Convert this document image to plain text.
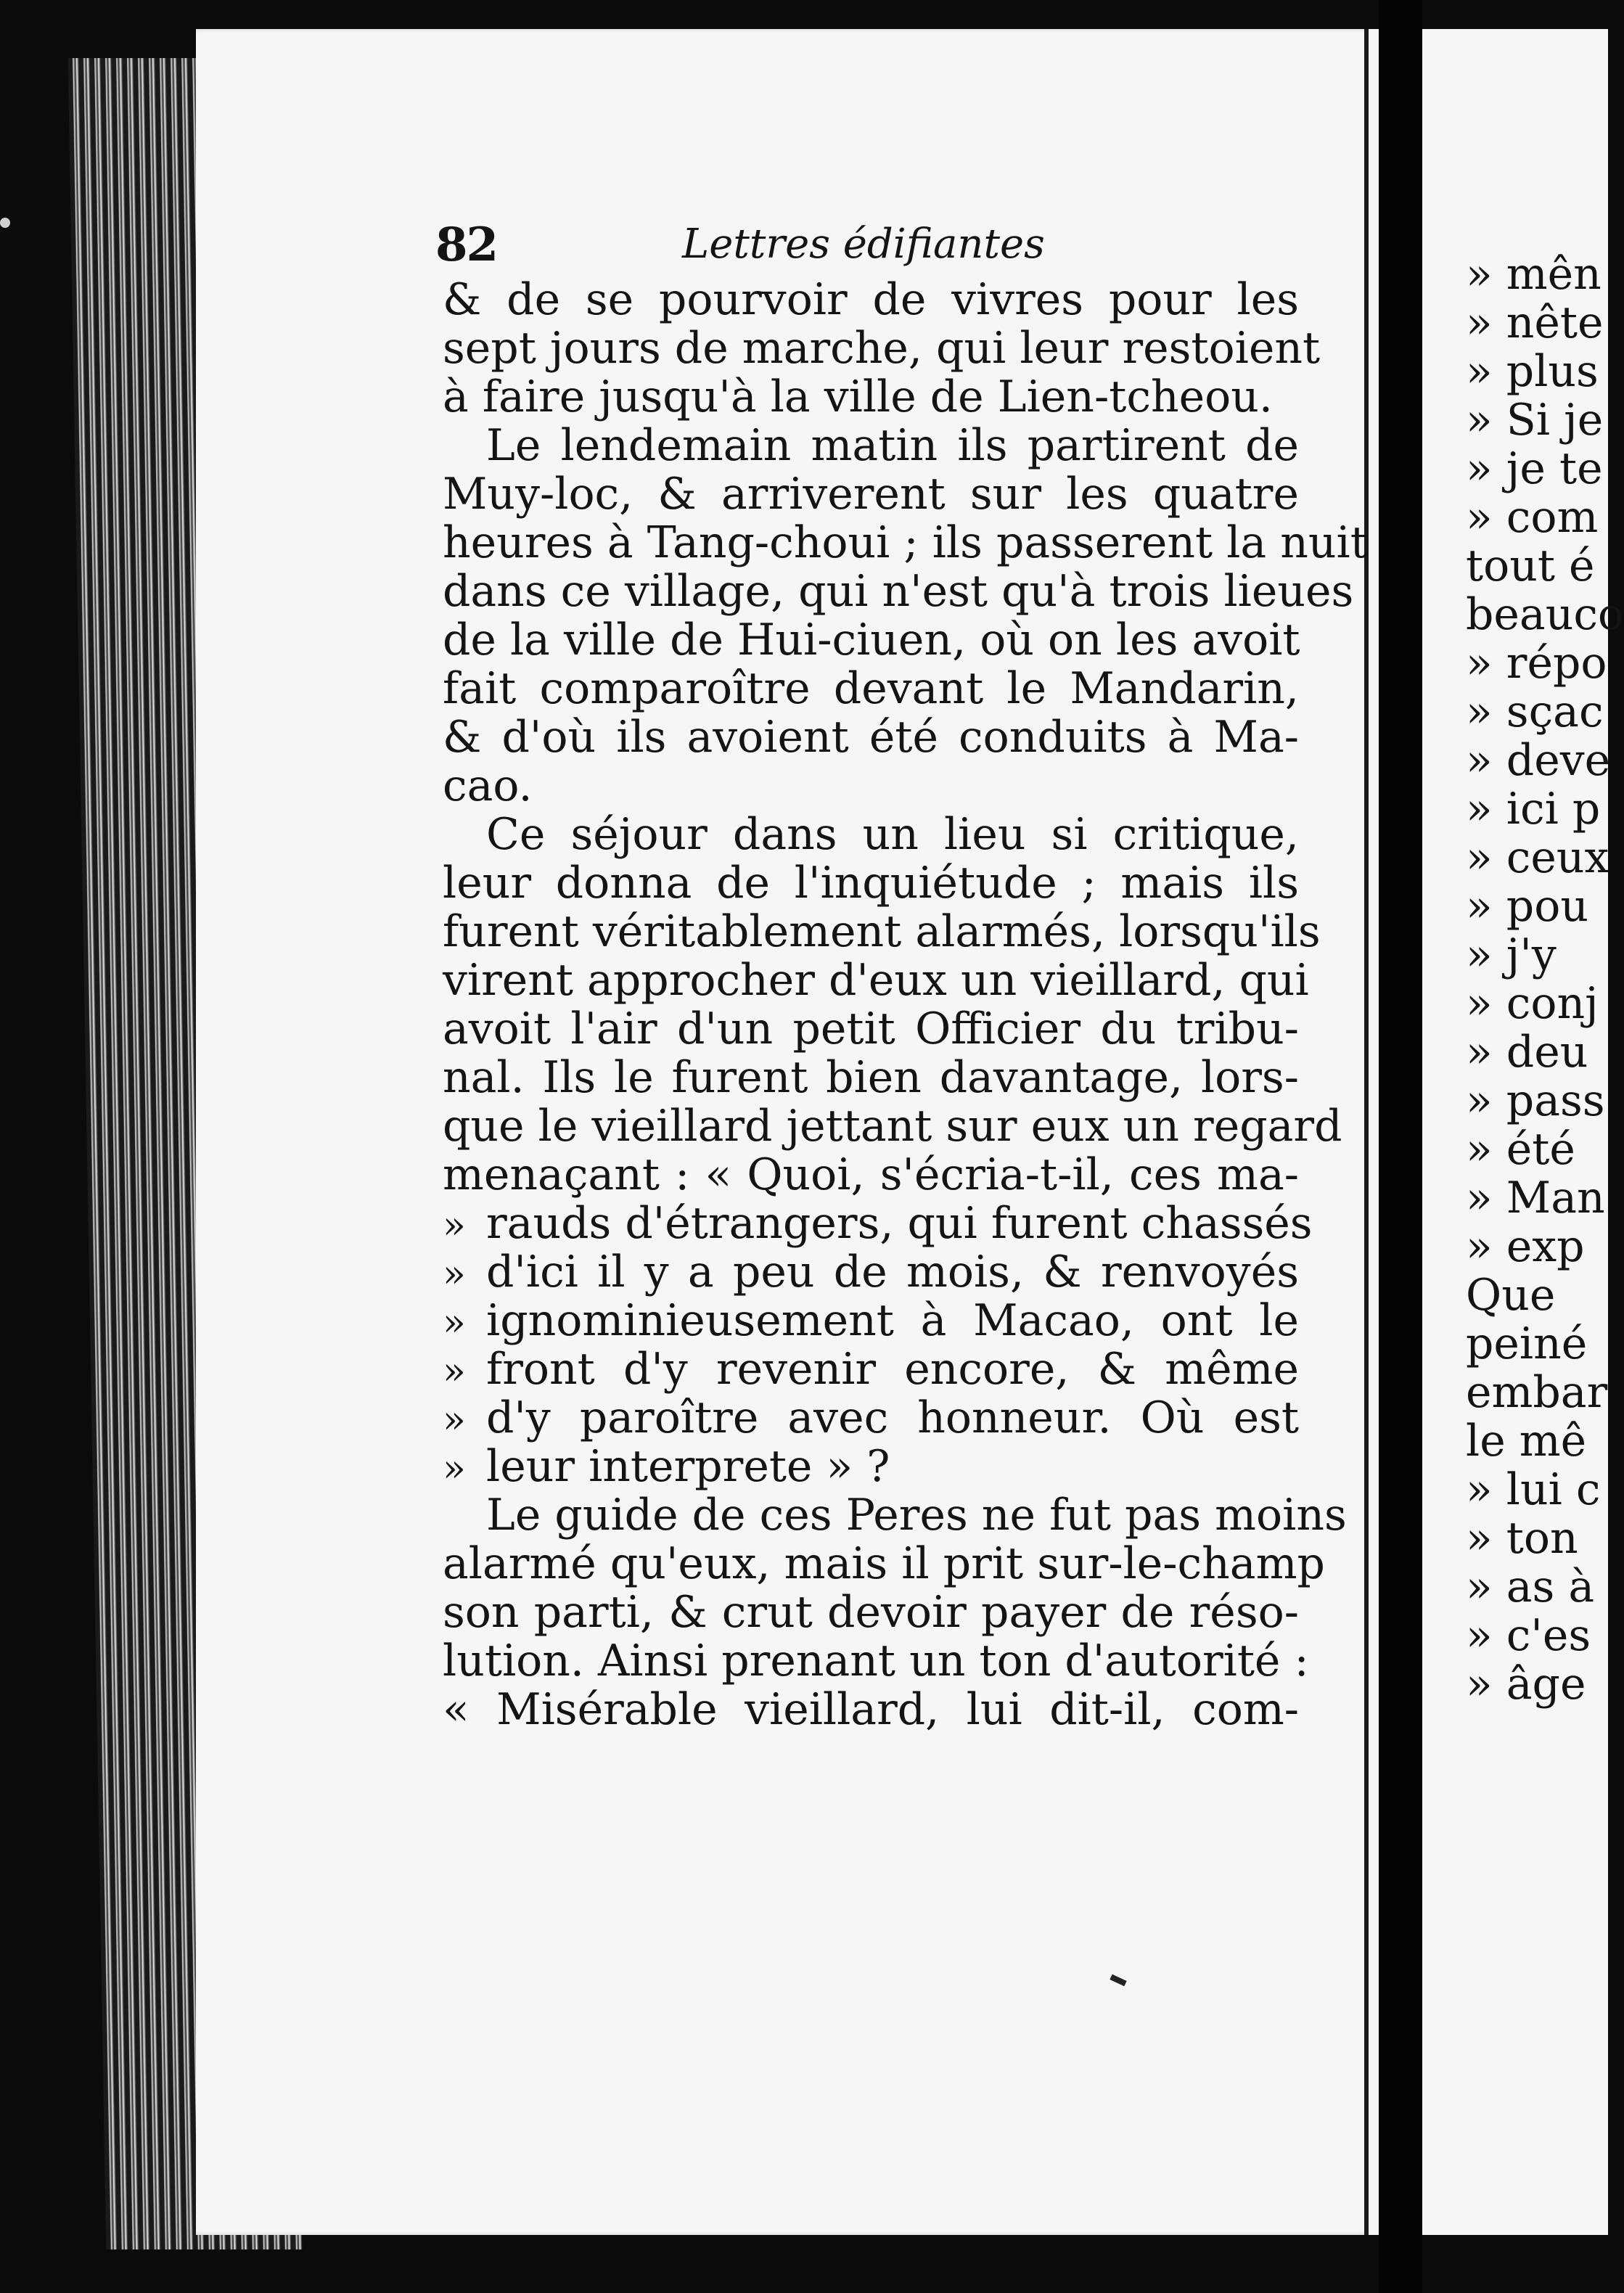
82	Lettres édifiantes
& de se pourvoir de vivres pour les
sept jours de marche, qui leur restoient
à faire jusqu'à la ville de Lien-tcheou.
Le lendemain matin ils partirent de
Muy-loc, & arriverent sur les quatre
heures à Tang-choui ; ils passerent la nuit
dans ce village, qui n'est qu'à trois lieues
de la ville de Hui-ciuen, où on les avoit
fait comparoître devant le Mandarin,
& d'où ils avoient été conduits à Ma-
cao.
Ce séjour dans un lieu si critique,
leur donna de l'inquiétude ; mais ils
furent véritablement alarmés, lorsqu'ils
virent approcher d'eux un vieillard, qui
avoit l'air d'un petit Officier du tribu-
nal. Ils le furent bien davantage, lors-
que le vieillard jettant sur eux un regard
menaçant : « Quoi, s'écria-t-il, ces ma-
» rauds d'étrangers, qui furent chassés
» d'ici il y a peu de mois, & renvoyés
» ignominieusement à Macao, ont le
» front d'y revenir encore, & même
» d'y paroître avec honneur. Où est
» leur interprete » ?
Le guide de ces Peres ne fut pas moins
alarmé qu'eux, mais il prit sur-le-champ
son parti, & crut devoir payer de réso-
lution. Ainsi prenant un ton d'autorité :
« Misérable vieillard, lui dit-il, com-
» mên
» nête
» plus
» Si je
» je te
» com
tout é
beauco
» répo
» sçac
» deve
» ici p
» ceux
» pou
» j'y
» conj
» deu
» pass
» été
» Man
» exp
Que
peiné
embar
le mê
» lui c
» ton
» as à
» c'es
» âge
